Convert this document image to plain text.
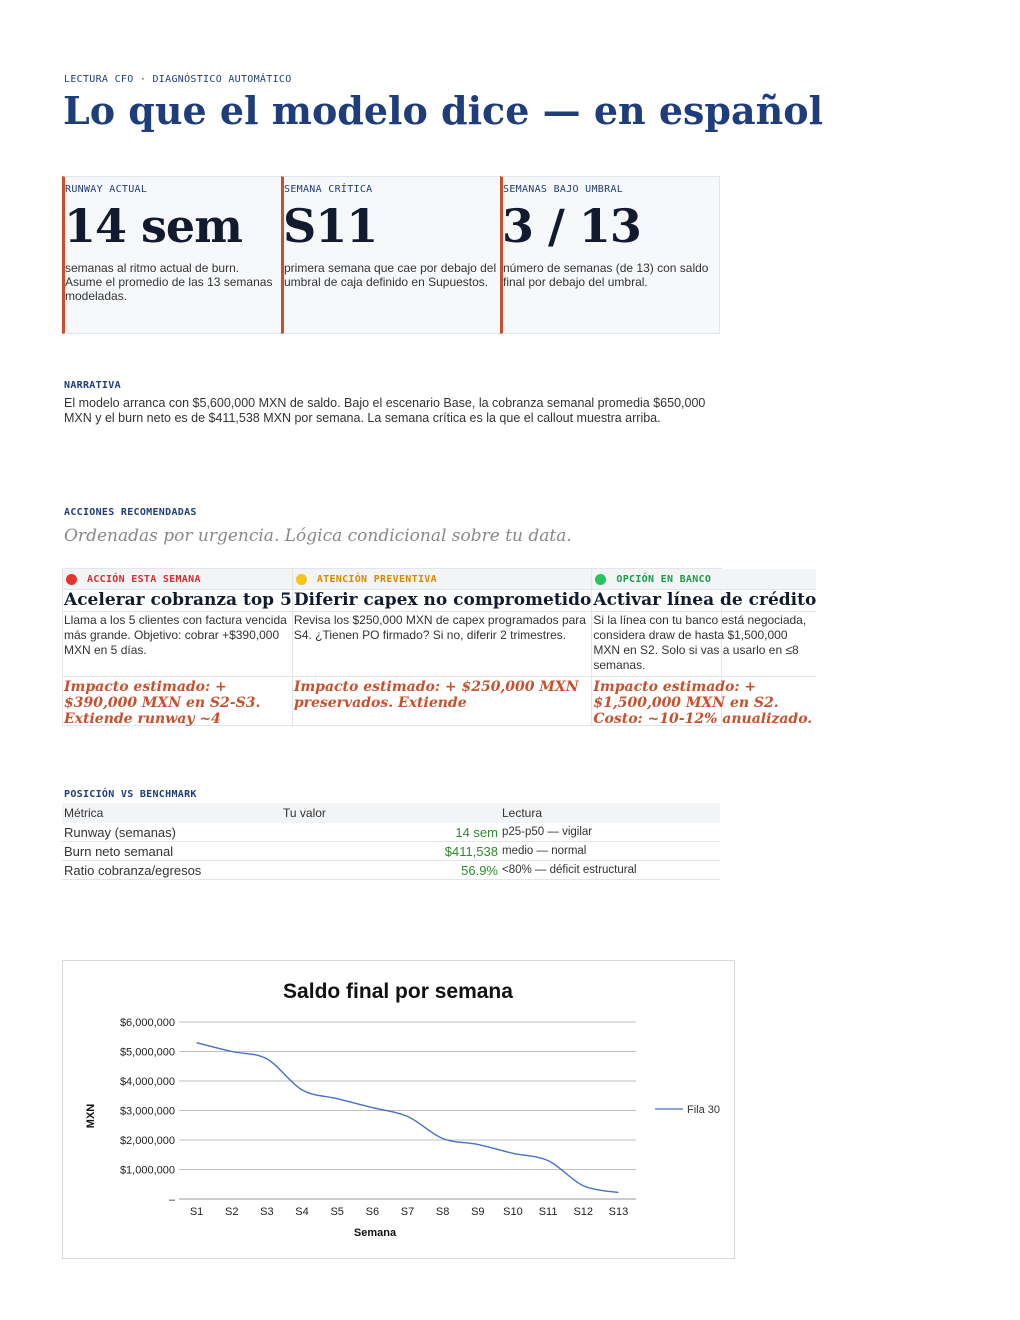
LECTURA CFO · DIAGNÓSTICO AUTOMÁTICO
Lo que el modelo dice — en español
RUNWAY ACTUAL
14 sem
semanas al ritmo actual de burn. Asume el promedio de las 13 semanas modeladas.
SEMANA CRÍTICA
S11
primera semana que cae por debajo del umbral de caja definido en Supuestos.
SEMANAS BAJO UMBRAL
3 / 13
número de semanas (de 13) con saldo final por debajo del umbral.
NARRATIVA
El modelo arranca con $5,600,000 MXN de saldo. Bajo el escenario Base, la cobranza semanal promedia $650,000 MXN y el burn neto es de $411,538 MXN por semana. La semana crítica es la que el callout muestra arriba.
ACCIONES RECOMENDADAS
Ordenadas por urgencia. Lógica condicional sobre tu data.
ACCIÓN ESTA SEMANA
Acelerar cobranza top 5
Llama a los 5 clientes con factura vencida más grande. Objetivo: cobrar +$390,000 MXN en 5 días.
Impacto estimado: + $390,000 MXN en S2-S3. Extiende runway ~4
ATENCIÓN PREVENTIVA
Diferir capex no comprometido
Revisa los $250,000 MXN de capex programados para S4. ¿Tienen PO firmado? Si no, diferir 2 trimestres.
Impacto estimado: + $250,000 MXN preservados. Extiende
OPCIÓN EN BANCO
Activar línea de crédito
Si la línea con tu banco está negociada, considera draw de hasta $1,500,000 MXN en S2. Solo si vas a usarlo en ≤8 semanas.
Impacto estimado: + $1,500,000 MXN en S2. Costo: ~10-12% anualizado.
POSICIÓN VS BENCHMARK
Métrica	Tu valor	Lectura
Runway (semanas)	14 sem	p25-p50 — vigilar
Burn neto semanal	$411,538	medio — normal
Ratio cobranza/egresos	56.9%	<80% — déficit estructural
Saldo final por semana
–
$1,000,000
$2,000,000
$3,000,000
$4,000,000
$5,000,000
$6,000,000
S1 S2 S3 S4 S5 S6 S7 S8 S9 S10 S11 S12 S13
Semana
MXN	Fila 30
